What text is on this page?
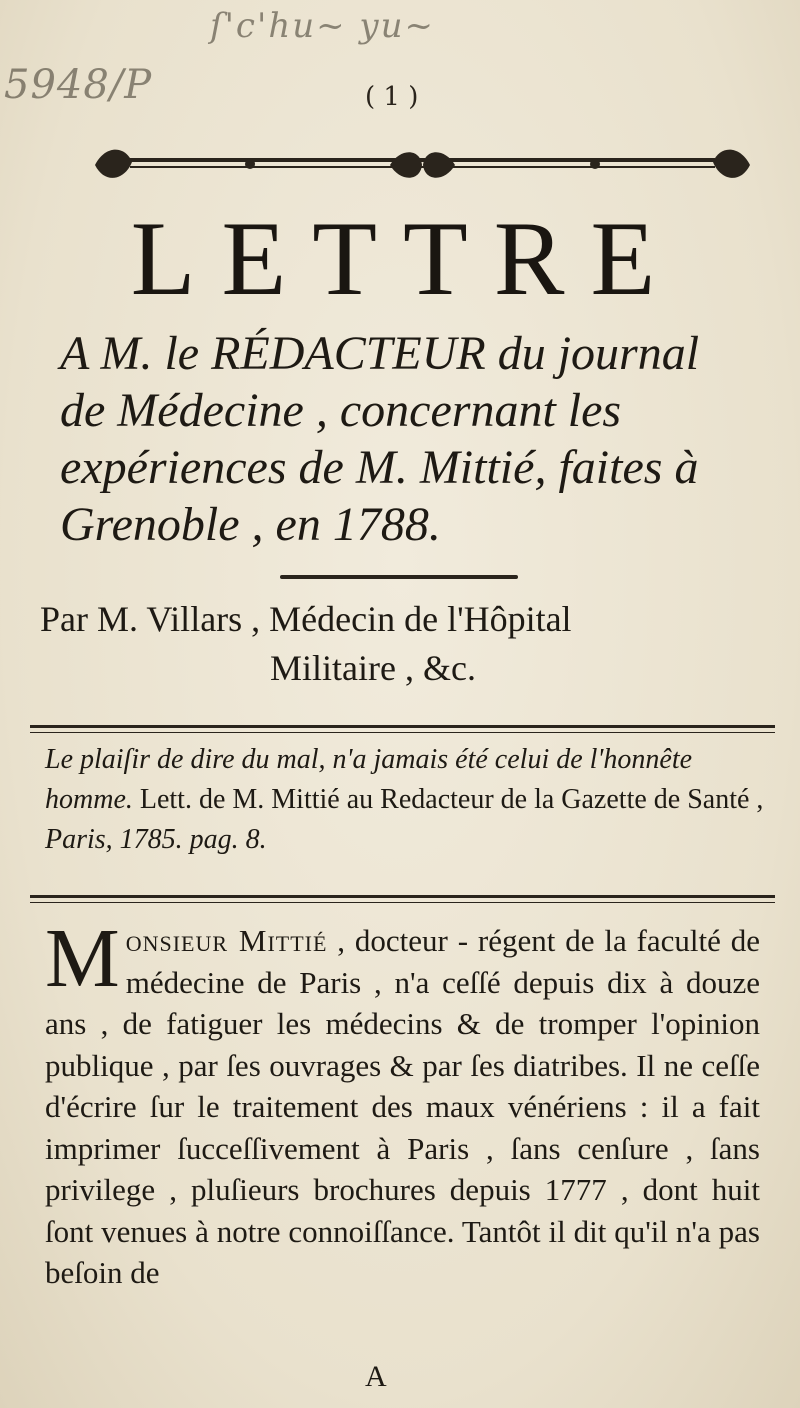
ſ'c'hu~ yu~
5948/P	( 1 )
LETTRE
A M. le RÉDACTEUR du journal de Médecine , concernant les expériences de M. Mittié, faites à Grenoble , en 1788.
Par M. Villars , Médecin de l'Hôpital
Militaire , &c.
Le plaiſir de dire du mal, n'a jamais été celui de l'honnête homme. Lett. de M. Mittié au Redacteur de la Gazette de Santé , Paris, 1785. pag. 8.
Monsieur Mittié , docteur - régent de la faculté de médecine de Paris , n'a ceſſé depuis dix à douze ans , de fatiguer les médecins & de tromper l'opinion publique , par ſes ouvrages & par ſes diatribes. Il ne ceſſe d'écrire ſur le traitement des maux vénériens : il a fait imprimer ſucceſſivement à Paris , ſans cenſure , ſans privilege , pluſieurs brochures depuis 1777 , dont huit ſont venues à notre connoiſſance. Tantôt il dit qu'il n'a pas beſoin de
A
